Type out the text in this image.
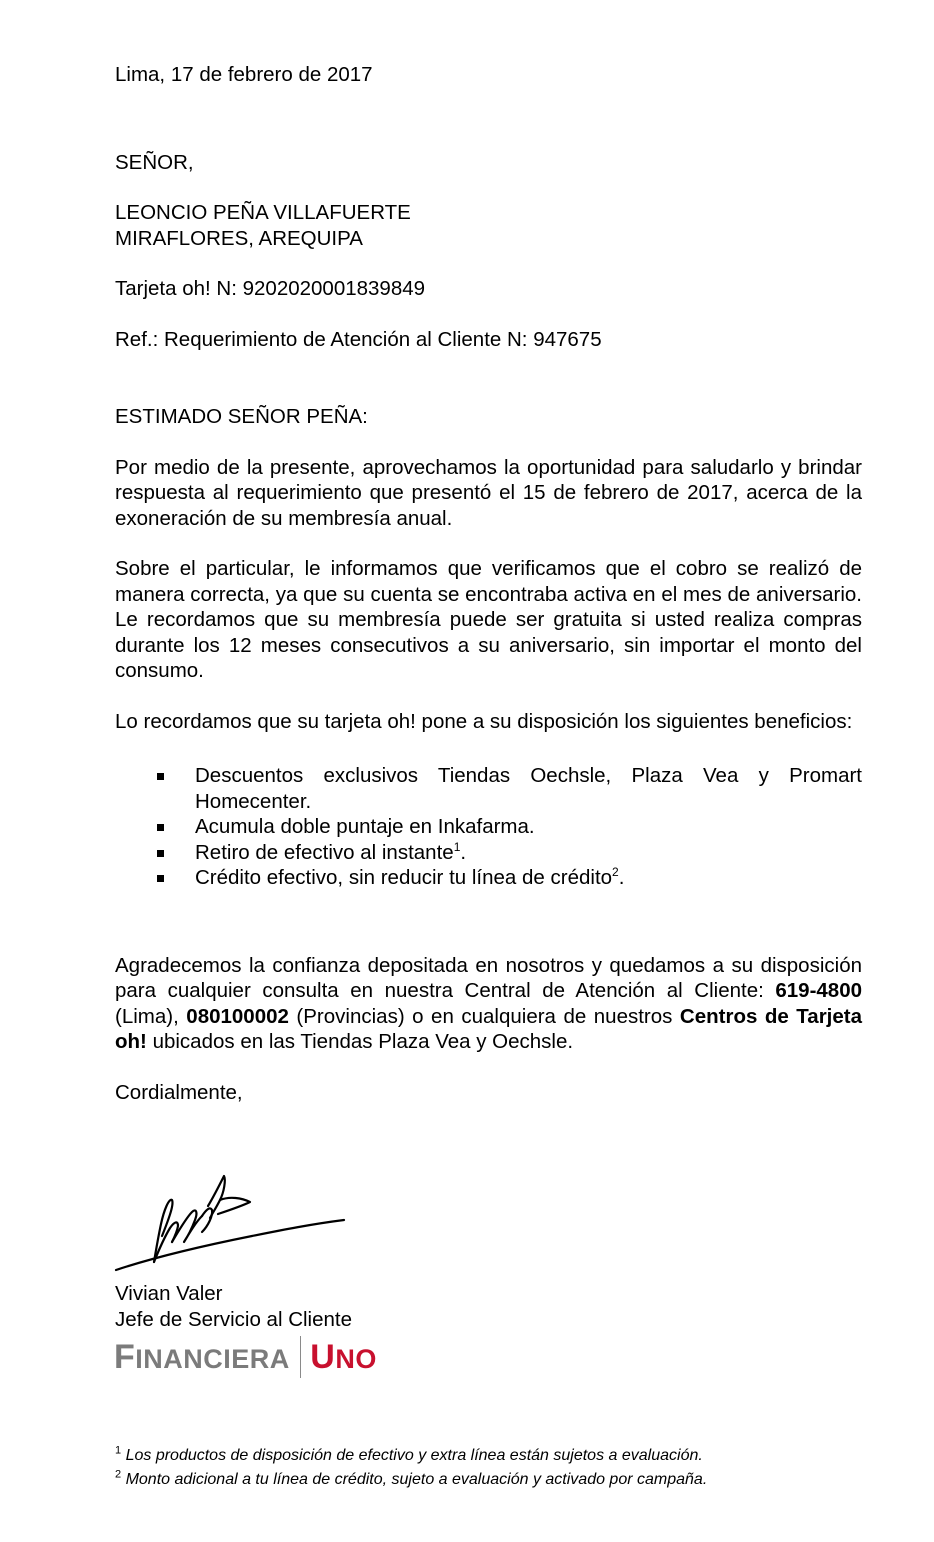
Lima, 17 de febrero de 2017

SEÑOR,

LEONCIO PEÑA VILLAFUERTE

MIRAFLORES, AREQUIPA

Tarjeta oh! N: 9202020001839849

Ref.: Requerimiento de Atención al Cliente N: 947675

ESTIMADO SEÑOR PEÑA:

Por medio de la presente, aprovechamos la oportunidad para saludarlo y brindar respuesta al requerimiento que presentó el 15 de febrero de 2017, acerca de la exoneración de su membresía anual.

Sobre el particular, le informamos que verificamos que el cobro se realizó de manera correcta, ya que su cuenta se encontraba activa en el mes de aniversario. Le recordamos que su membresía puede ser gratuita si usted realiza compras durante los 12 meses consecutivos a su aniversario, sin importar el monto del consumo.

Lo recordamos que su tarjeta oh! pone a su disposición los siguientes beneficios:

Descuentos exclusivos Tiendas Oechsle, Plaza Vea y Promart Homecenter.
Acumula doble puntaje en Inkafarma.
Retiro de efectivo al instante$^1$.
Crédito efectivo, sin reducir tu línea de crédito$^2$.

Agradecemos la confianza depositada en nosotros y quedamos a su disposición para cualquier consulta en nuestra Central de Atención al Cliente: 619-4800 (Lima), 080100002 (Provincias) o en cualquiera de nuestros Centros de Tarjeta oh! ubicados en las Tiendas Plaza Vea y Oechsle.

Cordialmente,

Vivian Valer

Jefe de Servicio al Cliente

FINANCIERA UNO

$^1$ Los productos de disposición de efectivo y extra línea están sujetos a evaluación.

$^2$ Monto adicional a tu línea de crédito, sujeto a evaluación y activado por campaña.
